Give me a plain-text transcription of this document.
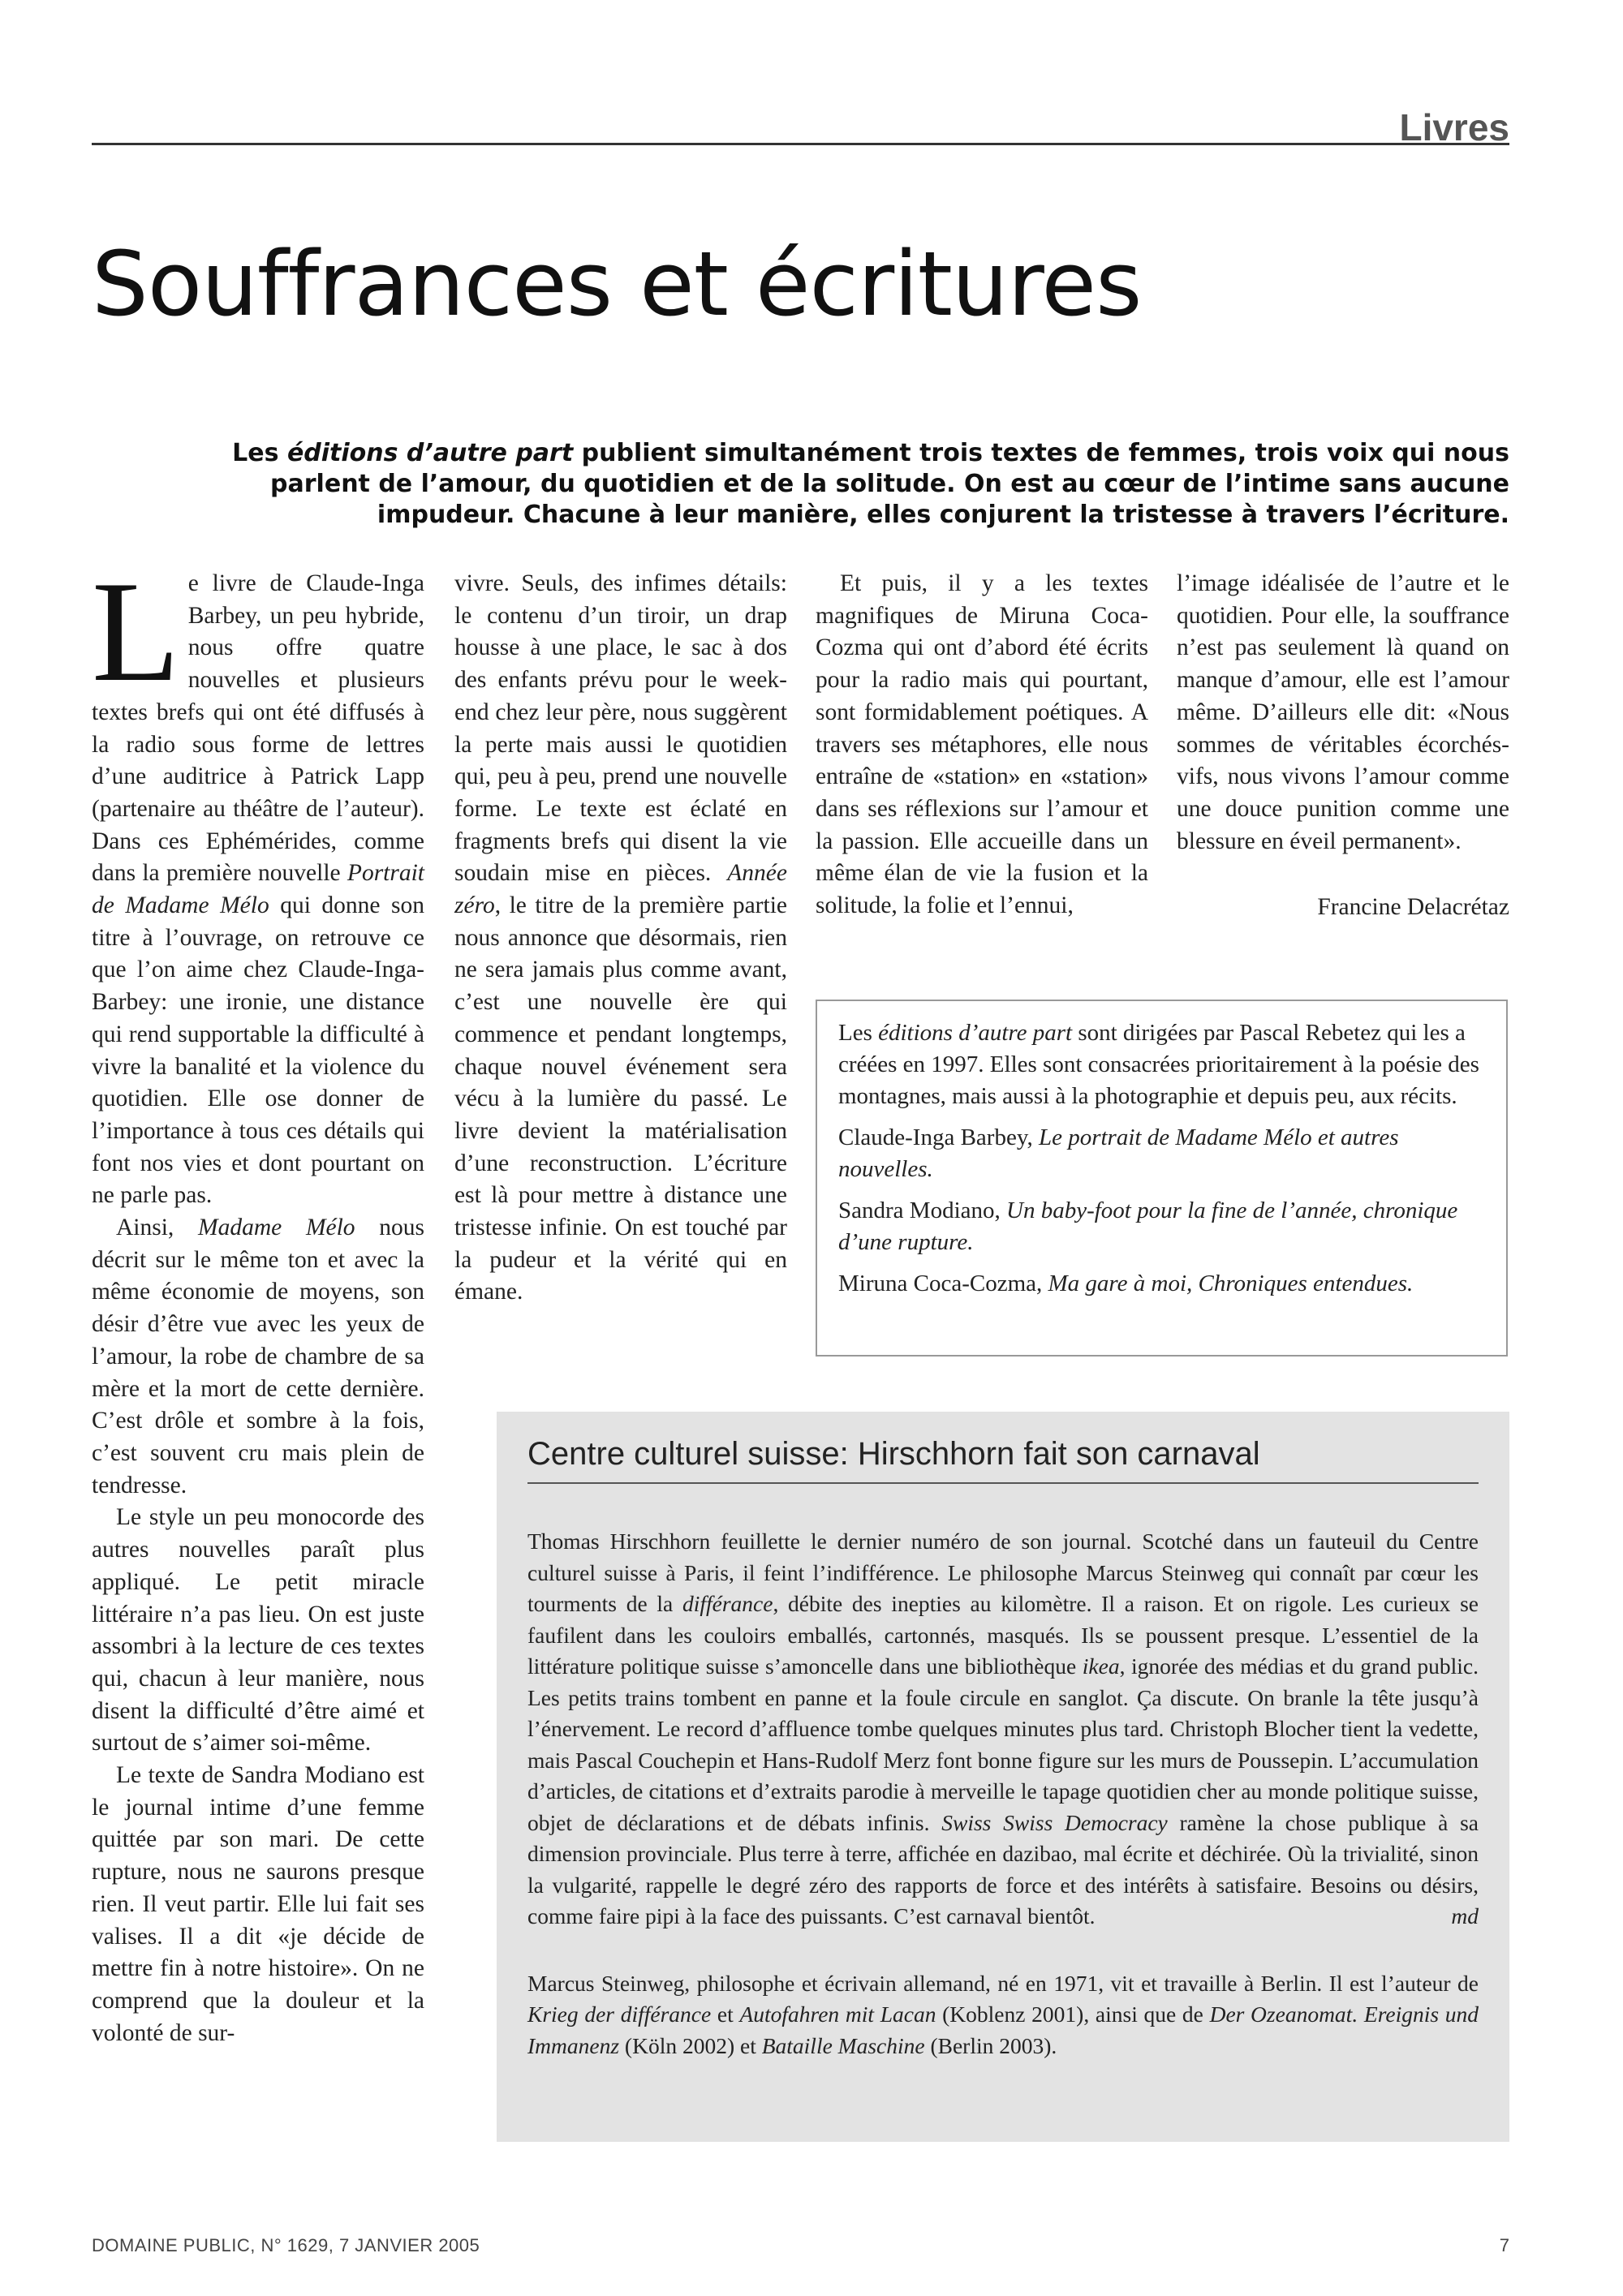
Livres
Souffrances et écritures
Les éditions d’autre part publient simultanément trois textes de femmes, trois voix qui nous parlent de l’amour, du quotidien et de la solitude. On est au cœur de l’intime sans aucune impudeur. Chacune à leur manière, elles conjurent la tristesse à travers l’écriture.

Le livre de Claude-Inga Barbey, un peu hybride, nous offre quatre nouvelles et plusieurs textes brefs qui ont été diffusés à la radio sous forme de lettres d’une auditrice à Patrick Lapp (partenaire au théâtre de l’auteur). Dans ces Ephémérides, comme dans la première nouvelle Portrait de Madame Mélo qui donne son titre à l’ouvrage, on retrouve ce que l’on aime chez Claude-Inga-Barbey: une ironie, une distance qui rend supportable la difficulté à vivre la banalité et la violence du quotidien. Elle ose donner de l’importance à tous ces détails qui font nos vies et dont pourtant on ne parle pas.

Ainsi, Madame Mélo nous décrit sur le même ton et avec la même économie de moyens, son désir d’être vue avec les yeux de l’amour, la robe de chambre de sa mère et la mort de cette dernière. C’est drôle et sombre à la fois, c’est souvent cru mais plein de tendresse.

Le style un peu monocorde des autres nouvelles paraît plus appliqué. Le petit miracle littéraire n’a pas lieu. On est juste assombri à la lecture de ces textes qui, chacun à leur manière, nous disent la difficulté d’être aimé et surtout de s’aimer soi-même.

Le texte de Sandra Modiano est le journal intime d’une femme quittée par son mari. De cette rupture, nous ne saurons presque rien. Il veut partir. Elle lui fait ses valises. Il a dit «je décide de mettre fin à notre histoire». On ne comprend que la douleur et la volonté de sur-

vivre. Seuls, des infimes détails: le contenu d’un tiroir, un drap housse à une place, le sac à dos des enfants prévu pour le week-end chez leur père, nous suggèrent la perte mais aussi le quotidien qui, peu à peu, prend une nouvelle forme. Le texte est éclaté en fragments brefs qui disent la vie soudain mise en pièces. Année zéro, le titre de la première partie nous annonce que désormais, rien ne sera jamais plus comme avant, c’est une nouvelle ère qui commence et pendant longtemps, chaque nouvel événement sera vécu à la lumière du passé. Le livre devient la matérialisation d’une reconstruction. L’écriture est là pour mettre à distance une tristesse infinie. On est touché par la pudeur et la vérité qui en émane.

Et puis, il y a les textes magnifiques de Miruna Coca-Cozma qui ont d’abord été écrits pour la radio mais qui pourtant, sont formidablement poétiques. A travers ses métaphores, elle nous entraîne de «station» en «station» dans ses réflexions sur l’amour et la passion. Elle accueille dans un même élan de vie la fusion et la solitude, la folie et l’ennui,

l’image idéalisée de l’autre et le quotidien. Pour elle, la souffrance n’est pas seulement là quand on manque d’amour, elle est l’amour même. D’ailleurs elle dit: «Nous sommes de véritables écorchés-vifs, nous vivons l’amour comme une douce punition comme une blessure en éveil permanent».

Francine Delacrétaz

Les éditions d’autre part sont dirigées par Pascal Rebetez qui les a créées en 1997. Elles sont consacrées prioritairement à la poésie des montagnes, mais aussi à la photographie et depuis peu, aux récits.

Claude-Inga Barbey, Le portrait de Madame Mélo et autres nouvelles.

Sandra Modiano, Un baby-foot pour la fine de l’année, chronique d’une rupture.

Miruna Coca-Cozma, Ma gare à moi, Chroniques entendues.

Centre culturel suisse: Hirschhorn fait son carnaval

Thomas Hirschhorn feuillette le dernier numéro de son journal. Scotché dans un fauteuil du Centre culturel suisse à Paris, il feint l’indifférence. Le philosophe Marcus Steinweg qui connaît par cœur les tourments de la différance, débite des inepties au kilomètre. Il a raison. Et on rigole. Les curieux se faufilent dans les couloirs emballés, cartonnés, masqués. Ils se poussent presque. L’essentiel de la littérature politique suisse s’amoncelle dans une bibliothèque ikea, ignorée des médias et du grand public. Les petits trains tombent en panne et la foule circule en sanglot. Ça discute. On branle la tête jusqu’à l’énervement. Le record d’affluence tombe quelques minutes plus tard. Christoph Blocher tient la vedette, mais Pascal Couchepin et Hans-Rudolf Merz font bonne figure sur les murs de Poussepin. L’accumulation d’articles, de citations et d’extraits parodie à merveille le tapage quotidien cher au monde politique suisse, objet de déclarations et de débats infinis. Swiss Swiss Democracy ramène la chose publique à sa dimension provinciale. Plus terre à terre, affichée en dazibao, mal écrite et déchirée. Où la trivialité, sinon la vulgarité, rappelle le degré zéro des rapports de force et des intérêts à satisfaire. Besoins ou désirs, comme faire pipi à la face des puissants. C’est carnaval bientôt.	md

Marcus Steinweg, philosophe et écrivain allemand, né en 1971, vit et travaille à Berlin. Il est l’auteur de Krieg der différance et Autofahren mit Lacan (Koblenz 2001), ainsi que de Der Ozeanomat. Ereignis und Immanenz (Köln 2002) et Bataille Maschine (Berlin 2003).

DOMAINE PUBLIC, N° 1629, 7 JANVIER 2005	7
